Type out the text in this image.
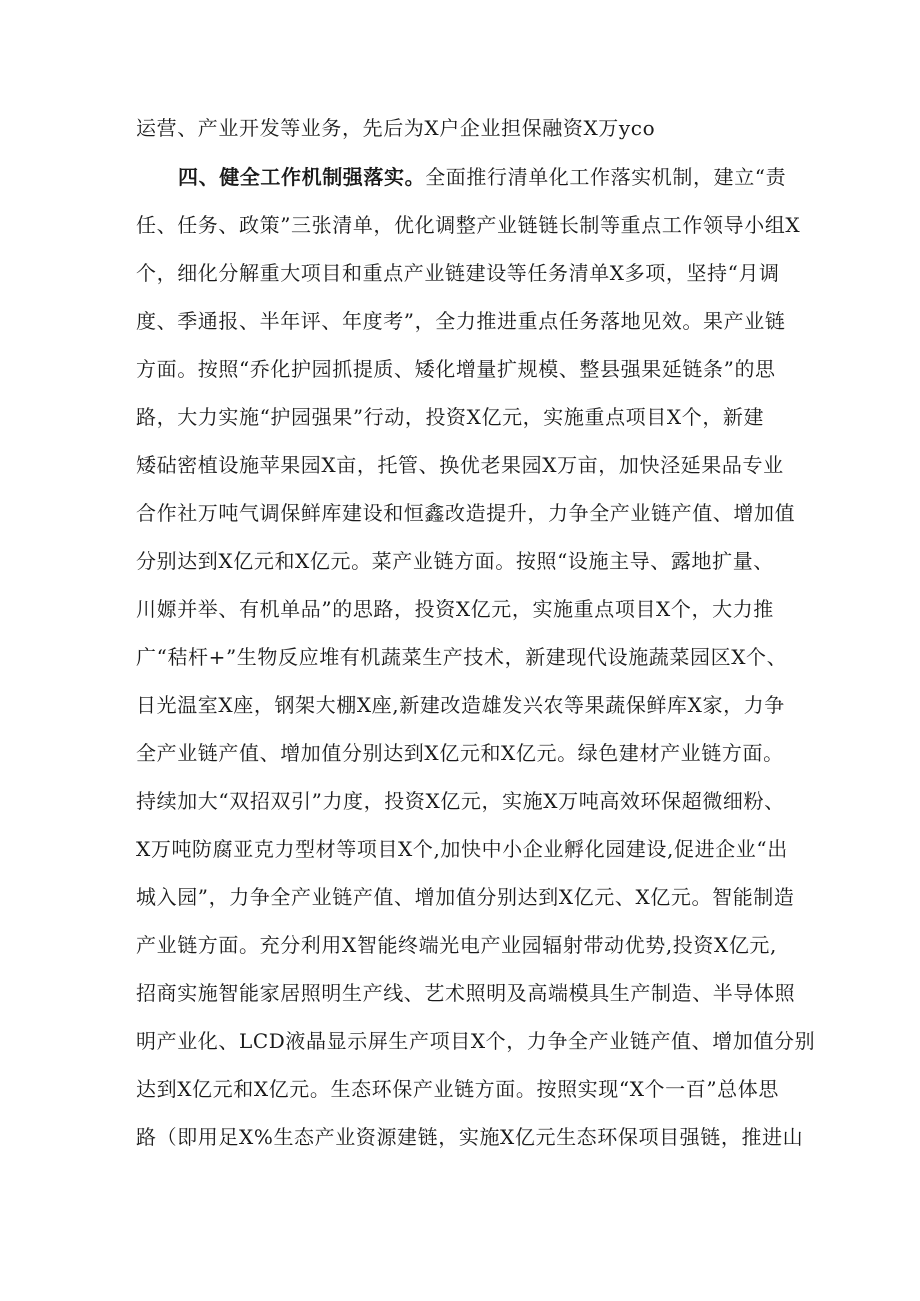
运营、产业开发等业务，先后为X户企业担保融资X万yco
四、健全工作机制强落实。全面推行清单化工作落实机制，建立“责
任、任务、政策”三张清单，优化调整产业链链长制等重点工作领导小组X
个，细化分解重大项目和重点产业链建设等任务清单X多项，坚持“月调
度、季通报、半年评、年度考”，全力推进重点任务落地见效。果产业链
方面。按照“乔化护园抓提质、矮化增量扩规模、整县强果延链条”的思
路，大力实施“护园强果”行动，投资X亿元，实施重点项目X个，新建
矮砧密植设施苹果园X亩，托管、换优老果园X万亩，加快泾延果品专业
合作社万吨气调保鲜库建设和恒鑫改造提升，力争全产业链产值、增加值
分别达到X亿元和X亿元。菜产业链方面。按照“设施主导、露地扩量、
川嫄并举、有机单品”的思路，投资X亿元，实施重点项目X个，大力推
广“秸杆+”生物反应堆有机蔬菜生产技术，新建现代设施蔬菜园区X个、
日光温室X座，钢架大棚X座,新建改造雄发兴农等果蔬保鲜库X家，力争
全产业链产值、增加值分别达到X亿元和X亿元。绿色建材产业链方面。
持续加大“双招双引”力度，投资X亿元，实施X万吨高效环保超微细粉、
X万吨防腐亚克力型材等项目X个,加快中小企业孵化园建设,促进企业“出
城入园”，力争全产业链产值、增加值分别达到X亿元、X亿元。智能制造
产业链方面。充分利用X智能终端光电产业园辐射带动优势,投资X亿元,
招商实施智能家居照明生产线、艺术照明及高端模具生产制造、半导体照
明产业化、LCD液晶显示屏生产项目X个，力争全产业链产值、增加值分别
达到X亿元和X亿元。生态环保产业链方面。按照实现“X个一百”总体思
路（即用足X%生态产业资源建链，实施X亿元生态环保项目强链，推进山
